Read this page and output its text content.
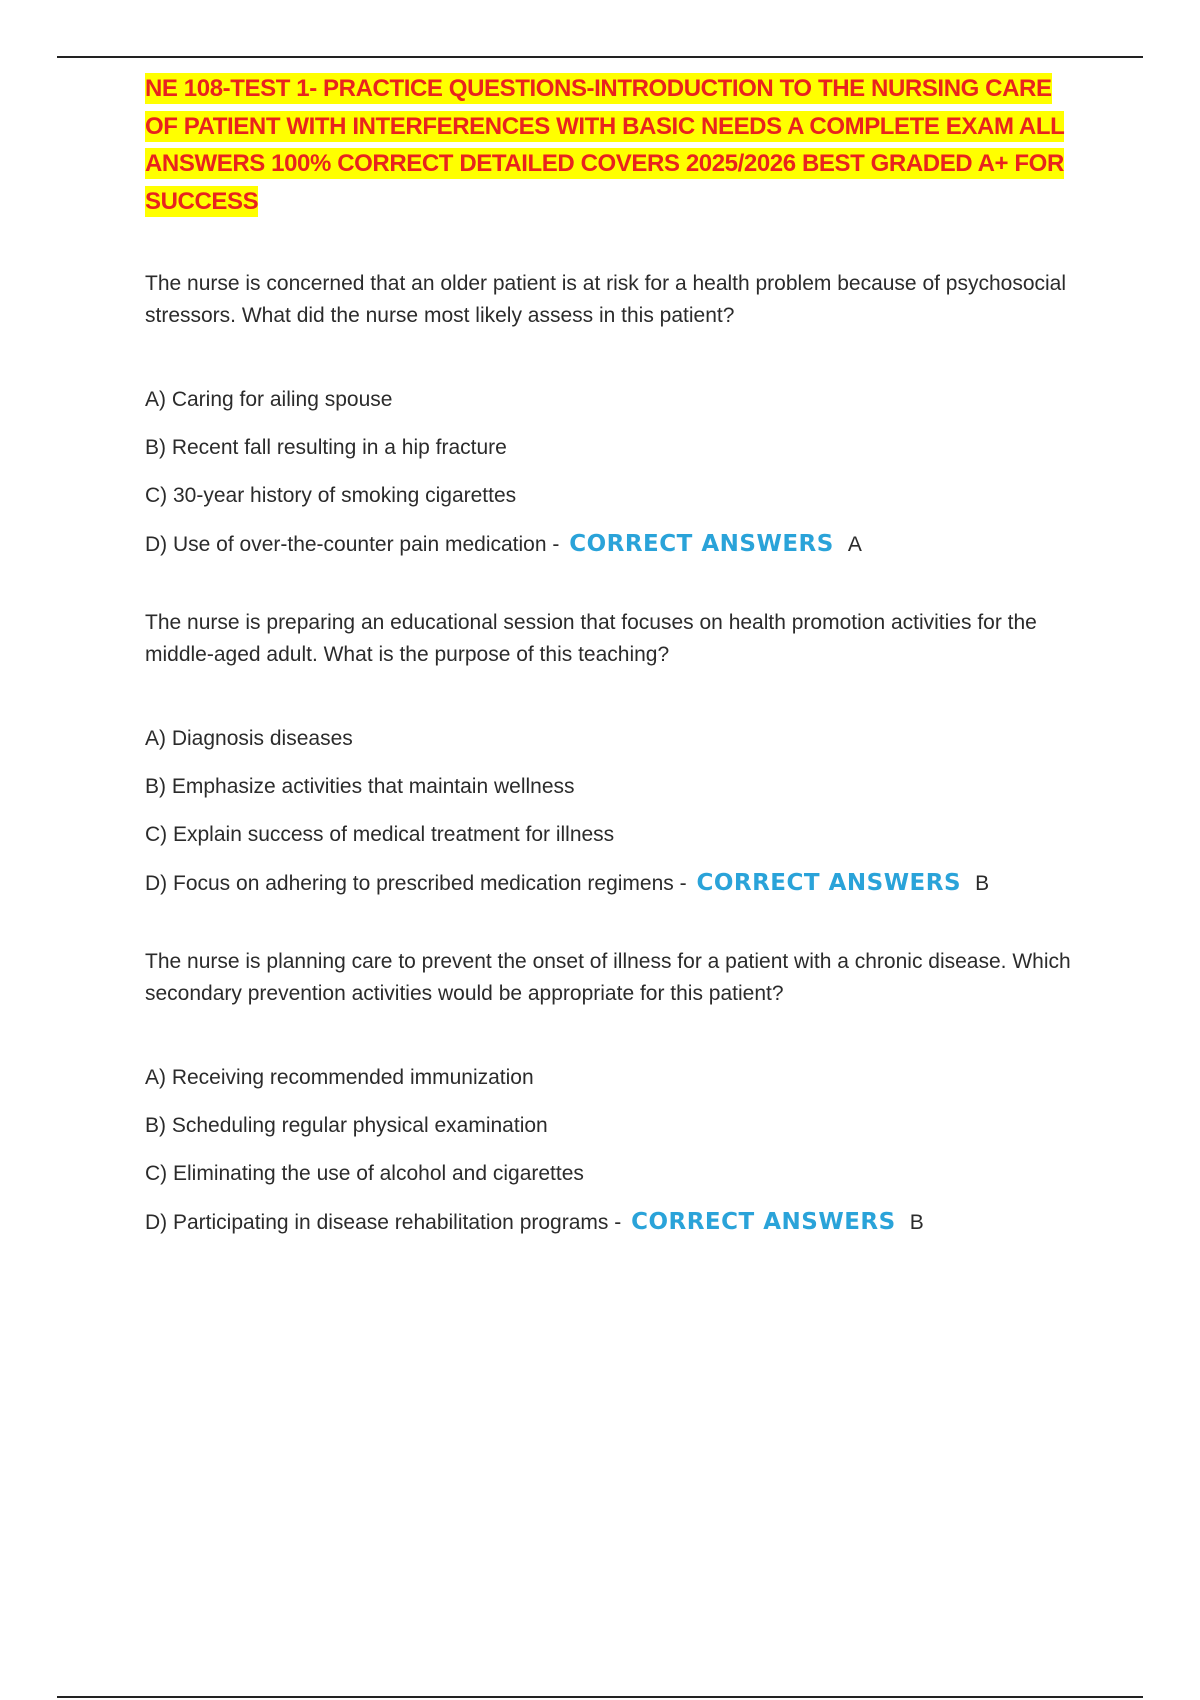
NE 108-TEST 1- PRACTICE QUESTIONS-INTRODUCTION TO THE NURSING CARE OF PATIENT WITH INTERFERENCES WITH BASIC NEEDS A COMPLETE EXAM ALL ANSWERS 100% CORRECT DETAILED COVERS 2025/2026 BEST GRADED A+ FOR SUCCESS

The nurse is concerned that an older patient is at risk for a health problem because of psychosocial stressors. What did the nurse most likely assess in this patient?

A) Caring for ailing spouse
B) Recent fall resulting in a hip fracture
C) 30-year history of smoking cigarettes
D) Use of over-the-counter pain medication - CORRECT ANSWERS A

The nurse is preparing an educational session that focuses on health promotion activities for the middle-aged adult. What is the purpose of this teaching?

A) Diagnosis diseases
B) Emphasize activities that maintain wellness
C) Explain success of medical treatment for illness
D) Focus on adhering to prescribed medication regimens - CORRECT ANSWERS B

The nurse is planning care to prevent the onset of illness for a patient with a chronic disease. Which secondary prevention activities would be appropriate for this patient?

A) Receiving recommended immunization
B) Scheduling regular physical examination
C) Eliminating the use of alcohol and cigarettes
D) Participating in disease rehabilitation programs - CORRECT ANSWERS B
